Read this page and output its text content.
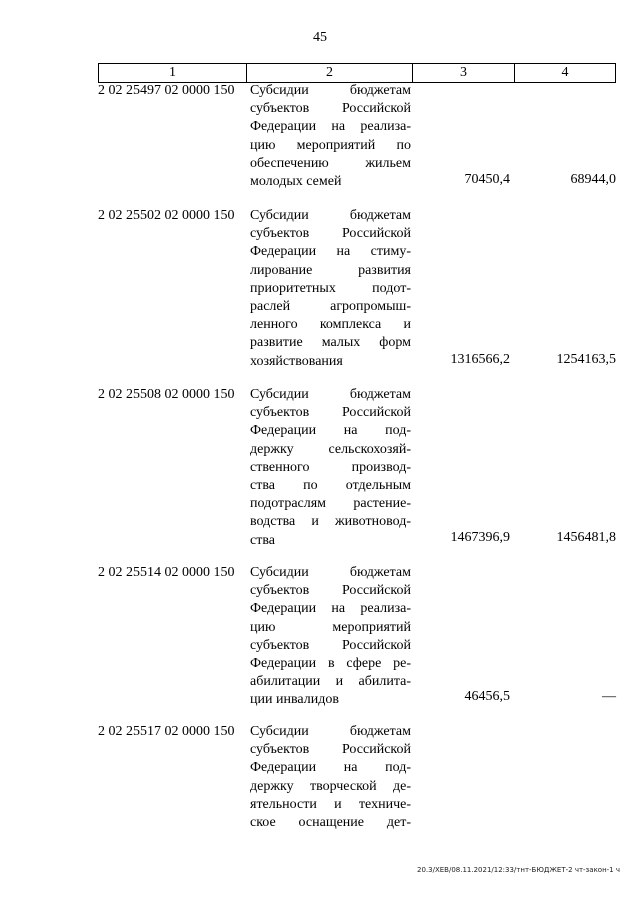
45
1	2	3	4
2 02 25497 02 0000 150	Субсидии бюджетам
субъектов Российской
Федерации на реализа-
цию мероприятий по
обеспечению жильем
молодых семей	70450,4	68944,0
2 02 25502 02 0000 150	Субсидии бюджетам
субъектов Российской
Федерации на стиму-
лирование развития
приоритетных подот-
раслей агропромыш-
ленного комплекса и
развитие малых форм
хозяйствования	1316566,2	1254163,5
2 02 25508 02 0000 150	Субсидии бюджетам
субъектов Российской
Федерации на под-
держку сельскохозяй-
ственного производ-
ства по отдельным
подотраслям растение-
водства и животновод-
ства	1467396,9	1456481,8
2 02 25514 02 0000 150	Субсидии бюджетам
субъектов Российской
Федерации на реализа-
цию мероприятий
субъектов Российской
Федерации в сфере ре-
абилитации и абилита-
ции инвалидов	46456,5	—
2 02 25517 02 0000 150	Субсидии бюджетам
субъектов Российской
Федерации на под-
держку творческой де-
ятельности и техниче-
ское оснащение дет-
20.3/ХЕВ/08.11.2021/12:33/тнт-БЮДЖЕТ-2 чт-закон-1 ч
